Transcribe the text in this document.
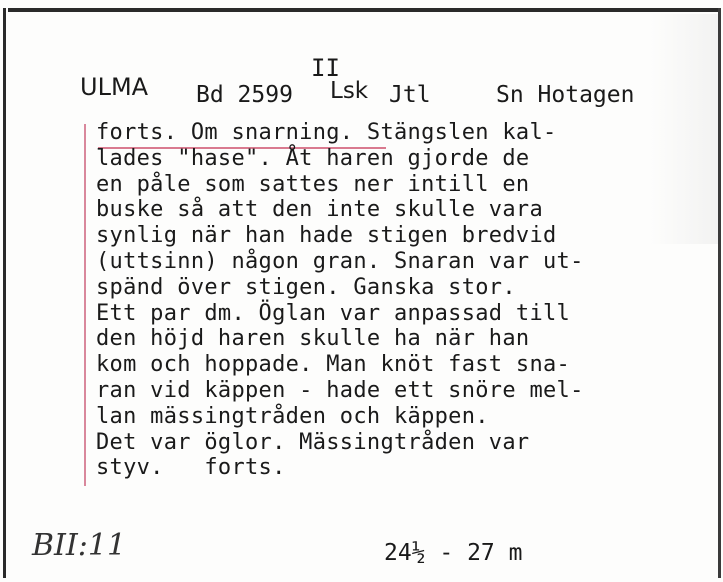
II
ULMA Bd 2599 Lsk Jtl	Sn Hotagen
forts. Om snarning. Stängslen kal-
lades "hase". Åt haren gjorde de
en påle som sattes ner intill en
buske så att den inte skulle vara
synlig när han hade stigen bredvid
(uttsinn) någon gran. Snaran var ut-
spänd över stigen. Ganska stor.
Ett par dm. Öglan var anpassad till
den höjd haren skulle ha när han
kom och hoppade. Man knöt fast sna-
ran vid käppen - hade ett snöre mel-
lan mässingtråden och käppen.
Det var öglor. Mässingtråden var
styv.   forts.
BII:11	24½ - 27 m
